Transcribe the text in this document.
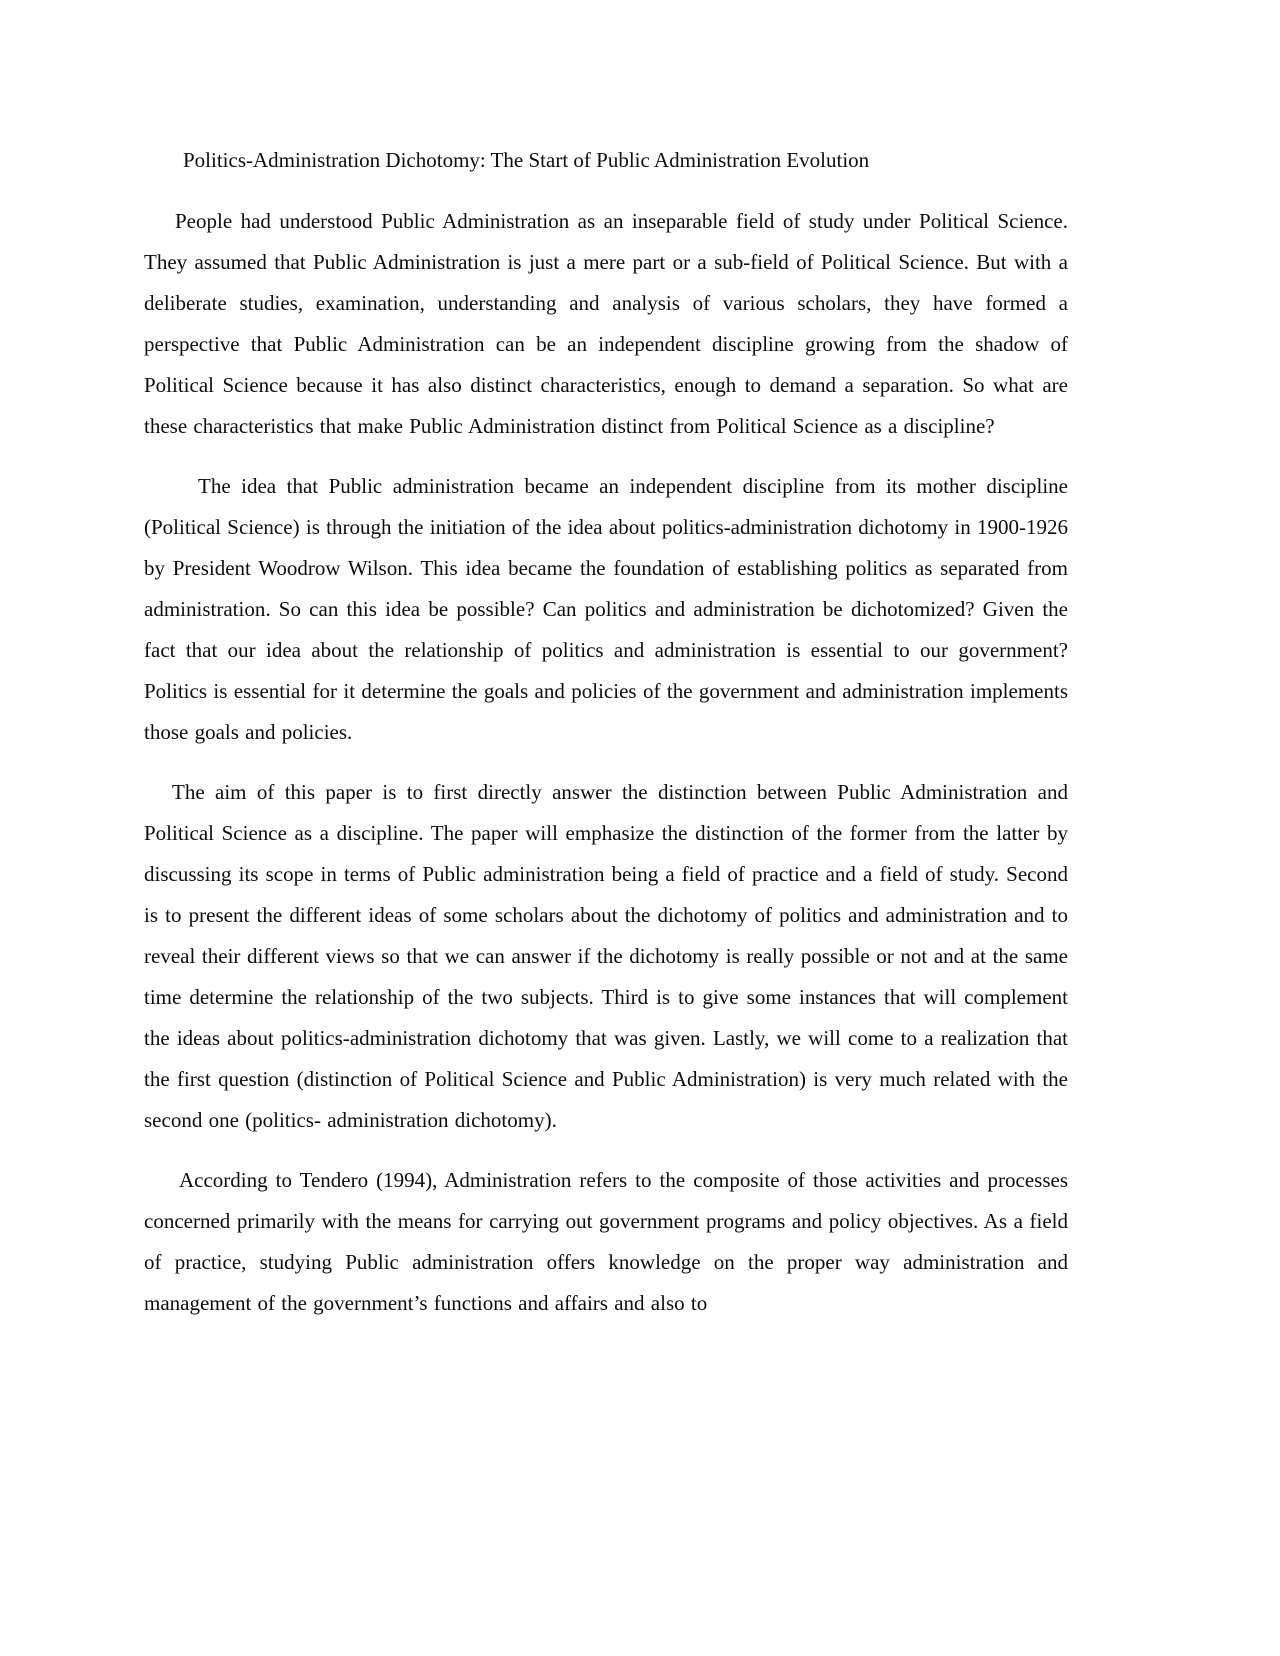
Politics-Administration Dichotomy: The Start of Public Administration Evolution

People had understood Public Administration as an inseparable field of study under Political Science. They assumed that Public Administration is just a mere part or a sub-field of Political Science. But with a deliberate studies, examination, understanding and analysis of various scholars, they have formed a perspective that Public Administration can be an independent discipline growing from the shadow of Political Science because it has also distinct characteristics, enough to demand a separation. So what are these characteristics that make Public Administration distinct from Political Science as a discipline?

The idea that Public administration became an independent discipline from its mother discipline (Political Science) is through the initiation of the idea about politics-administration dichotomy in 1900-1926 by President Woodrow Wilson. This idea became the foundation of establishing politics as separated from administration. So can this idea be possible? Can politics and administration be dichotomized? Given the fact that our idea about the relationship of politics and administration is essential to our government? Politics is essential for it determine the goals and policies of the government and administration implements those goals and policies.

The aim of this paper is to first directly answer the distinction between Public Administration and Political Science as a discipline. The paper will emphasize the distinction of the former from the latter by discussing its scope in terms of Public administration being a field of practice and a field of study. Second is to present the different ideas of some scholars about the dichotomy of politics and administration and to reveal their different views so that we can answer if the dichotomy is really possible or not and at the same time determine the relationship of the two subjects. Third is to give some instances that will complement the ideas about politics-administration dichotomy that was given. Lastly, we will come to a realization that the first question (distinction of Political Science and Public Administration) is very much related with the second one (politics- administration dichotomy).

According to Tendero (1994), Administration refers to the composite of those activities and processes concerned primarily with the means for carrying out government programs and policy objectives. As a field of practice, studying Public administration offers knowledge on the proper way administration and management of the government’s functions and affairs and also to
